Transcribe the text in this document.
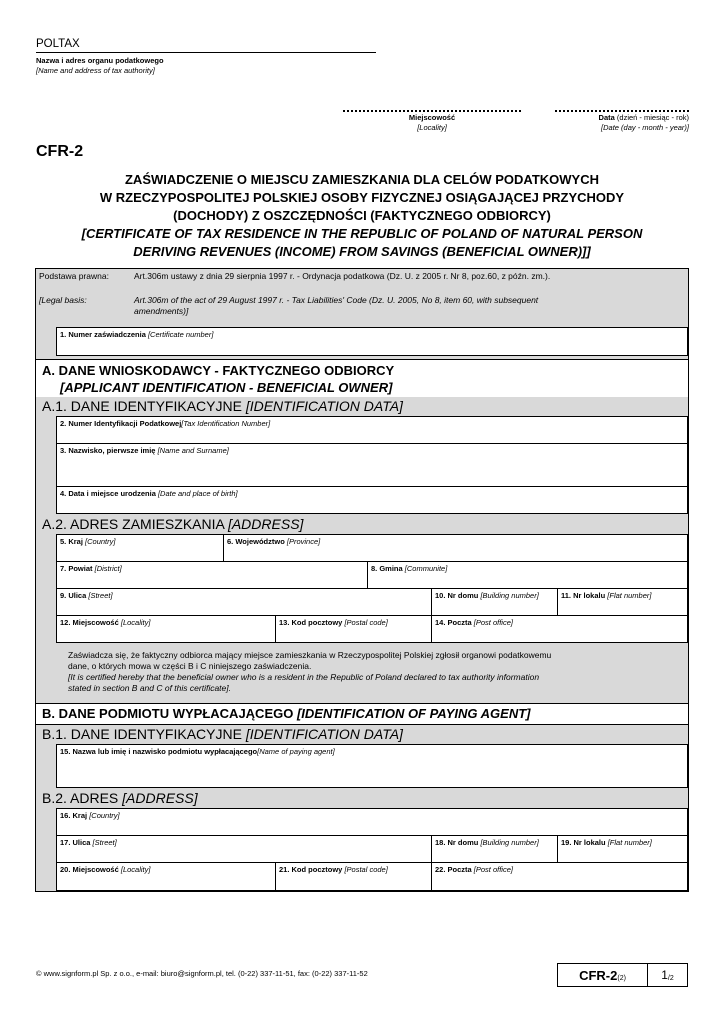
POLTAX
Nazwa i adres organu podatkowego
[Name and address of tax authority]
Miejscowość
[Locality]
Data (dzień - miesiąc - rok)
[Date (day - month - year)]
CFR-2
ZAŚWIADCZENIE O MIEJSCU ZAMIESZKANIA DLA CELÓW PODATKOWYCH
W RZECZYPOSPOLITEJ POLSKIEJ OSOBY FIZYCZNEJ OSIĄGAJĄCEJ PRZYCHODY
(DOCHODY) Z OSZCZĘDNOŚCI (FAKTYCZNEGO ODBIORCY)
[CERTIFICATE OF TAX RESIDENCE IN THE REPUBLIC OF POLAND OF NATURAL PERSON
DERIVING REVENUES (INCOME) FROM SAVINGS (BENEFICIAL OWNER)]]
Podstawa prawna:	Art.306m ustawy z dnia 29 sierpnia 1997 r. - Ordynacja podatkowa (Dz. U. z 2005 r. Nr 8, poz.60, z późn. zm.).
[Legal basis:	Art.306m of the act of 29 August 1997 r. - Tax Liabilities' Code (Dz. U. 2005, No 8, item 60, with subsequent
amendments)]
1. Numer zaświadczenia [Certificate number]
A. DANE WNIOSKODAWCY - FAKTYCZNEGO ODBIORCY
[APPLICANT IDENTIFICATION - BENEFICIAL OWNER]
A.1. DANE IDENTYFIKACYJNE [IDENTIFICATION DATA]
2. Numer Identyfikacji Podatkowej[Tax Identification Number]
3. Nazwisko, pierwsze imię [Name and Surname]
4. Data i miejsce urodzenia [Date and place of birth]
A.2. ADRES ZAMIESZKANIA [ADDRESS]
5. Kraj [Country]	6. Województwo [Province]
7. Powiat [District]	8. Gmina [Communite]
9. Ulica [Street]	10. Nr domu [Building number]	11. Nr lokalu [Flat number]
12. Miejscowość [Locality]	13. Kod pocztowy [Postal code]	14. Poczta [Post office]
Zaświadcza się, że faktyczny odbiorca mający miejsce zamieszkania w Rzeczypospolitej Polskiej zgłosił organowi podatkowemu
dane, o których mowa w części B i C niniejszego zaświadczenia.
[It is certified hereby that the beneficial owner who is a resident in the Republic of Poland declared to tax authority information
stated in section B and C of this certificate].
B. DANE PODMIOTU WYPŁACAJĄCEGO [IDENTIFICATION OF PAYING AGENT]
B.1. DANE IDENTYFIKACYJNE [IDENTIFICATION DATA]
15. Nazwa lub imię i nazwisko podmiotu wypłacającego[Name of paying agent]
B.2. ADRES [ADDRESS]
16. Kraj [Country]
17. Ulica [Street]	18. Nr domu [Building number]	19. Nr lokalu [Flat number]
20. Miejscowość [Locality]	21. Kod pocztowy [Postal code]	22. Poczta [Post office]
© www.signform.pl Sp. z o.o., e-mail: biuro@signform.pl, tel. (0-22) 337-11-51, fax: (0-22) 337-11-52	CFR-2 (2)	1 /2
